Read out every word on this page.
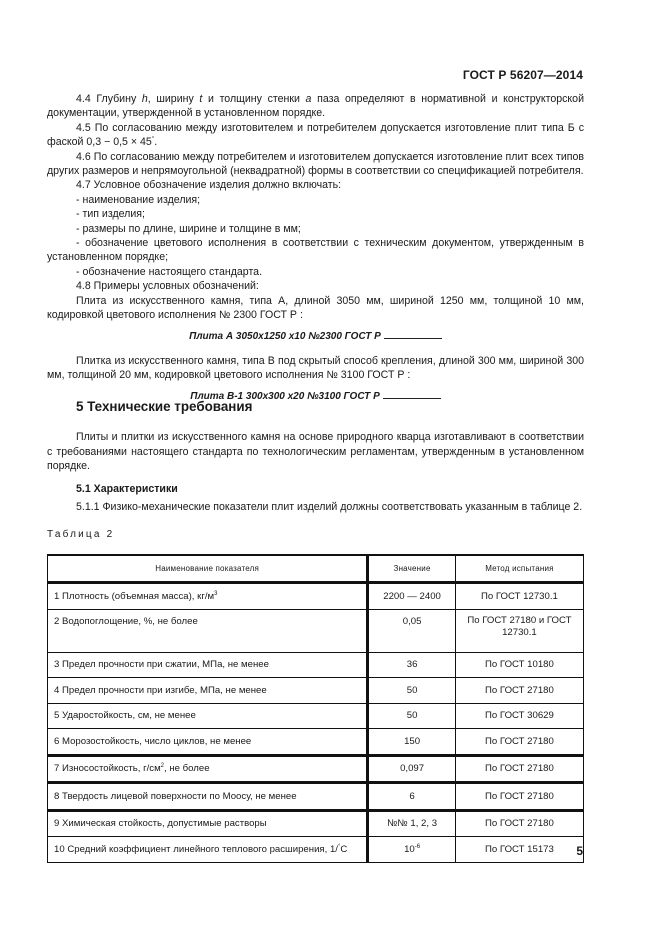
ГОСТ Р 56207—2014

4.4 Глубину h, ширину t и толщину стенки a паза определяют в нормативной и конструкторской документации, утвержденной в установленном порядке.

4.5 По согласованию между изготовителем и потребителем допускается изготовление плит типа Б с фаской 0,3 − 0,5 × 45°.

4.6 По согласованию между потребителем и изготовителем допускается изготовление плит всех типов других размеров и непрямоугольной (неквадратной) формы в соответствии со спецификацией потребителя.

4.7 Условное обозначение изделия должно включать:

- наименование изделия;

- тип изделия;

- размеры по длине, ширине и толщине в мм;

- обозначение цветового исполнения в соответствии с техническим документом, утвержденным в установленном порядке;

- обозначение настоящего стандарта.

4.8 Примеры условных обозначений:

Плита из искусственного камня, типа А, длиной 3050 мм, шириной 1250 мм, толщиной 10 мм, кодировкой цветового исполнения № 2300 ГОСТ Р :

Плита А 3050х1250 х10 №2300 ГОСТ Р

Плитка из искусственного камня, типа В под скрытый способ крепления, длиной 300 мм, шириной 300 мм, толщиной 20 мм, кодировкой цветового исполнения № 3100 ГОСТ Р :

Плита В-1 300х300 х20 №3100 ГОСТ Р

5 Технические требования

Плиты и плитки из искусственного камня на основе природного кварца изготавливают в соответствии с требованиями настоящего стандарта по технологическим регламентам, утвержденным в установленном порядке.

5.1 Характеристики

5.1.1 Физико-механические показатели плит изделий должны соответствовать указанным в таблице 2.

Таблица 2

Наименование показателя	Значение	Метод испытания
1 Плотность (объемная масса), $кг/м^3$	2200 — 2400	По ГОСТ 12730.1
2 Водопоглощение, %, не более	0,05	По ГОСТ 27180 и ГОСТ 12730.1
3 Предел прочности при сжатии, МПа, не менее	36	По ГОСТ 10180
4 Предел прочности при изгибе, МПа, не менее	50	По ГОСТ 27180
5 Ударостойкость, см, не менее	50	По ГОСТ 30629
6 Морозостойкость, число циклов, не менее	150	По ГОСТ 27180
7 Износостойкость, $г/см^2$, не более	0,097	По ГОСТ 27180
8 Твердость лицевой поверхности по Моосу, не менее	6	По ГОСТ 27180
9 Химическая стойкость, допустимые растворы	№№ 1, 2, 3	По ГОСТ 27180
10 Средний коэффициент линейного теплового расширения, 1/°С	$10^{-6}$	По ГОСТ 15173 5
